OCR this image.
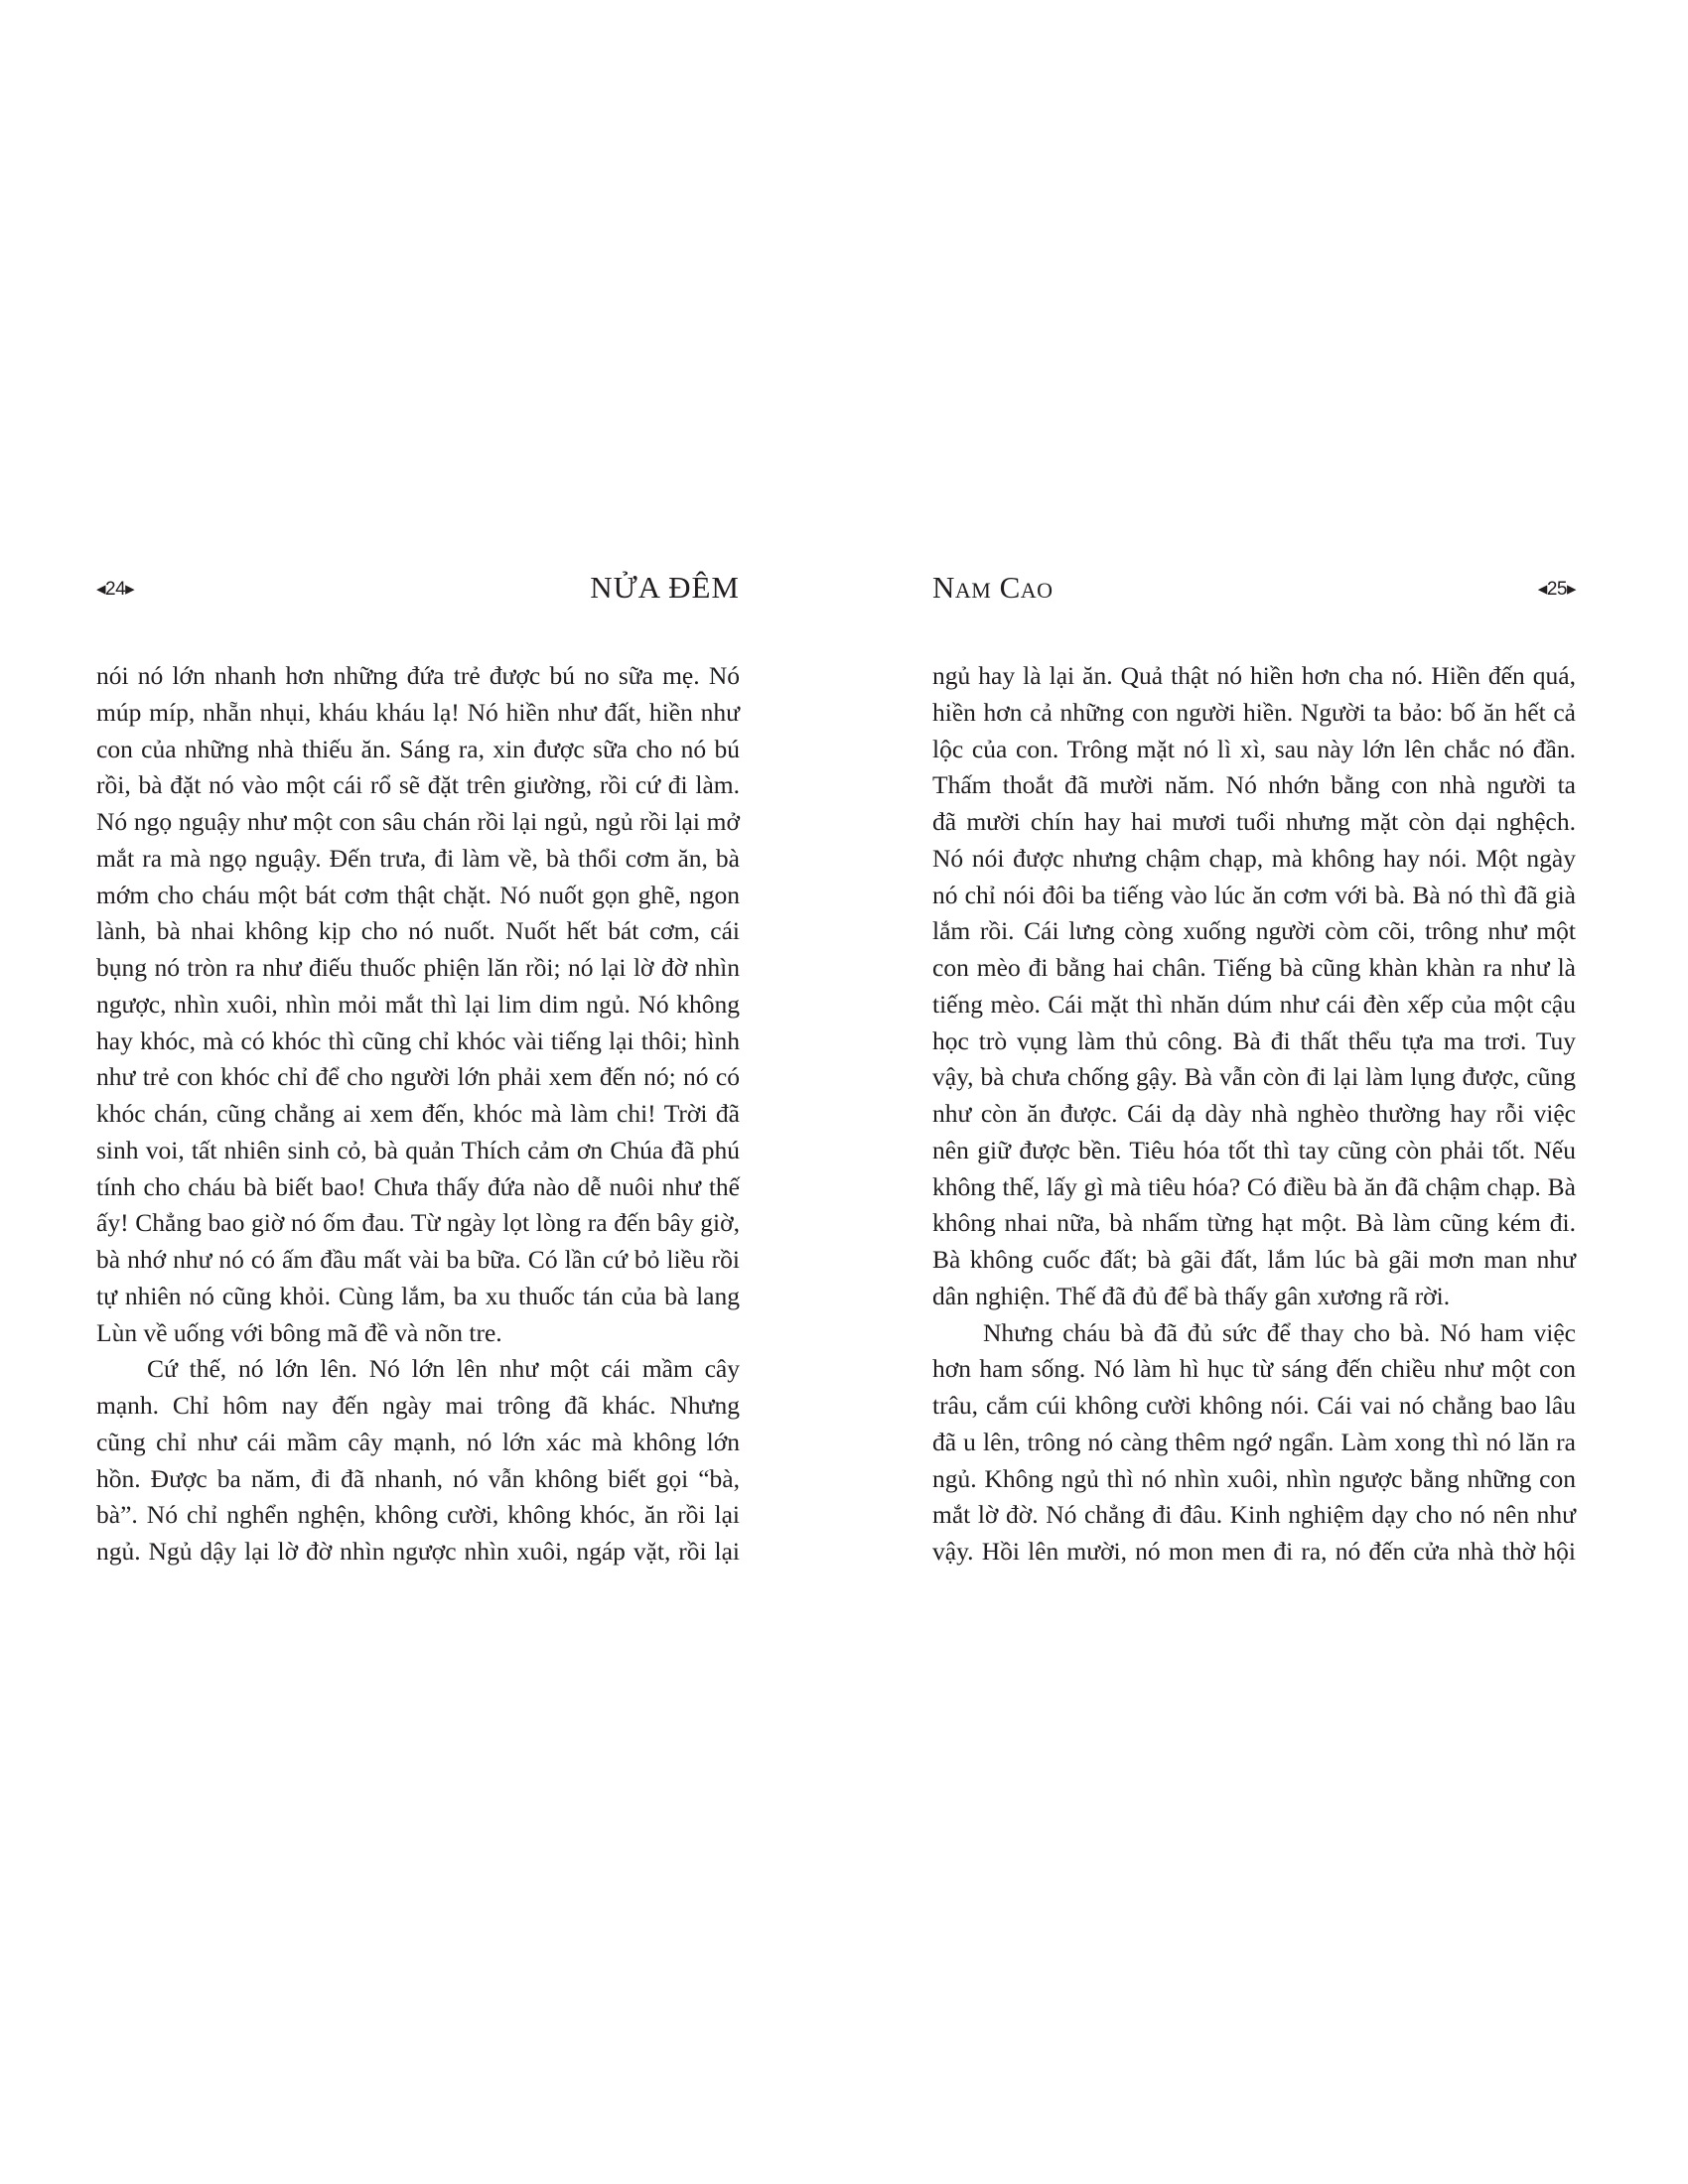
◂24▸	NỬA ĐÊM
nói nó lớn nhanh hơn những đứa trẻ được bú no sữa mẹ. Nó
múp míp, nhẵn nhụi, kháu kháu lạ! Nó hiền như đất, hiền như
con của những nhà thiếu ăn. Sáng ra, xin được sữa cho nó bú
rồi, bà đặt nó vào một cái rổ sẽ đặt trên giường, rồi cứ đi làm.
Nó ngọ nguậy như một con sâu chán rồi lại ngủ, ngủ rồi lại mở
mắt ra mà ngọ nguậy. Đến trưa, đi làm về, bà thổi cơm ăn, bà
mớm cho cháu một bát cơm thật chặt. Nó nuốt gọn ghẽ, ngon
lành, bà nhai không kịp cho nó nuốt. Nuốt hết bát cơm, cái
bụng nó tròn ra như điếu thuốc phiện lăn rồi; nó lại lờ đờ nhìn
ngược, nhìn xuôi, nhìn mỏi mắt thì lại lim dim ngủ. Nó không
hay khóc, mà có khóc thì cũng chỉ khóc vài tiếng lại thôi; hình
như trẻ con khóc chỉ để cho người lớn phải xem đến nó; nó có
khóc chán, cũng chẳng ai xem đến, khóc mà làm chi! Trời đã
sinh voi, tất nhiên sinh cỏ, bà quản Thích cảm ơn Chúa đã phú
tính cho cháu bà biết bao! Chưa thấy đứa nào dễ nuôi như thế
ấy! Chẳng bao giờ nó ốm đau. Từ ngày lọt lòng ra đến bây giờ,
bà nhớ như nó có ấm đầu mất vài ba bữa. Có lần cứ bỏ liều rồi
tự nhiên nó cũng khỏi. Cùng lắm, ba xu thuốc tán của bà lang
Lùn về uống với bông mã đề và nõn tre.
Cứ thế, nó lớn lên. Nó lớn lên như một cái mầm cây
mạnh. Chỉ hôm nay đến ngày mai trông đã khác. Nhưng
cũng chỉ như cái mầm cây mạnh, nó lớn xác mà không lớn
hồn. Được ba năm, đi đã nhanh, nó vẫn không biết gọi “bà,
bà”. Nó chỉ nghển nghện, không cười, không khóc, ăn rồi lại
ngủ. Ngủ dậy lại lờ đờ nhìn ngược nhìn xuôi, ngáp vặt, rồi lại
Nam Cao	◂25▸
ngủ hay là lại ăn. Quả thật nó hiền hơn cha nó. Hiền đến quá,
hiền hơn cả những con người hiền. Người ta bảo: bố ăn hết cả
lộc của con. Trông mặt nó lì xì, sau này lớn lên chắc nó đần.
Thấm thoắt đã mười năm. Nó nhớn bằng con nhà người ta
đã mười chín hay hai mươi tuổi nhưng mặt còn dại nghệch.
Nó nói được nhưng chậm chạp, mà không hay nói. Một ngày
nó chỉ nói đôi ba tiếng vào lúc ăn cơm với bà. Bà nó thì đã già
lắm rồi. Cái lưng còng xuống người còm cõi, trông như một
con mèo đi bằng hai chân. Tiếng bà cũng khàn khàn ra như là
tiếng mèo. Cái mặt thì nhăn dúm như cái đèn xếp của một cậu
học trò vụng làm thủ công. Bà đi thất thểu tựa ma trơi. Tuy
vậy, bà chưa chống gậy. Bà vẫn còn đi lại làm lụng được, cũng
như còn ăn được. Cái dạ dày nhà nghèo thường hay rỗi việc
nên giữ được bền. Tiêu hóa tốt thì tay cũng còn phải tốt. Nếu
không thế, lấy gì mà tiêu hóa? Có điều bà ăn đã chậm chạp. Bà
không nhai nữa, bà nhấm từng hạt một. Bà làm cũng kém đi.
Bà không cuốc đất; bà gãi đất, lắm lúc bà gãi mơn man như
dân nghiện. Thế đã đủ để bà thấy gân xương rã rời.
Nhưng cháu bà đã đủ sức để thay cho bà. Nó ham việc
hơn ham sống. Nó làm hì hục từ sáng đến chiều như một con
trâu, cắm cúi không cười không nói. Cái vai nó chẳng bao lâu
đã u lên, trông nó càng thêm ngớ ngẩn. Làm xong thì nó lăn ra
ngủ. Không ngủ thì nó nhìn xuôi, nhìn ngược bằng những con
mắt lờ đờ. Nó chẳng đi đâu. Kinh nghiệm dạy cho nó nên như
vậy. Hồi lên mười, nó mon men đi ra, nó đến cửa nhà thờ hội
